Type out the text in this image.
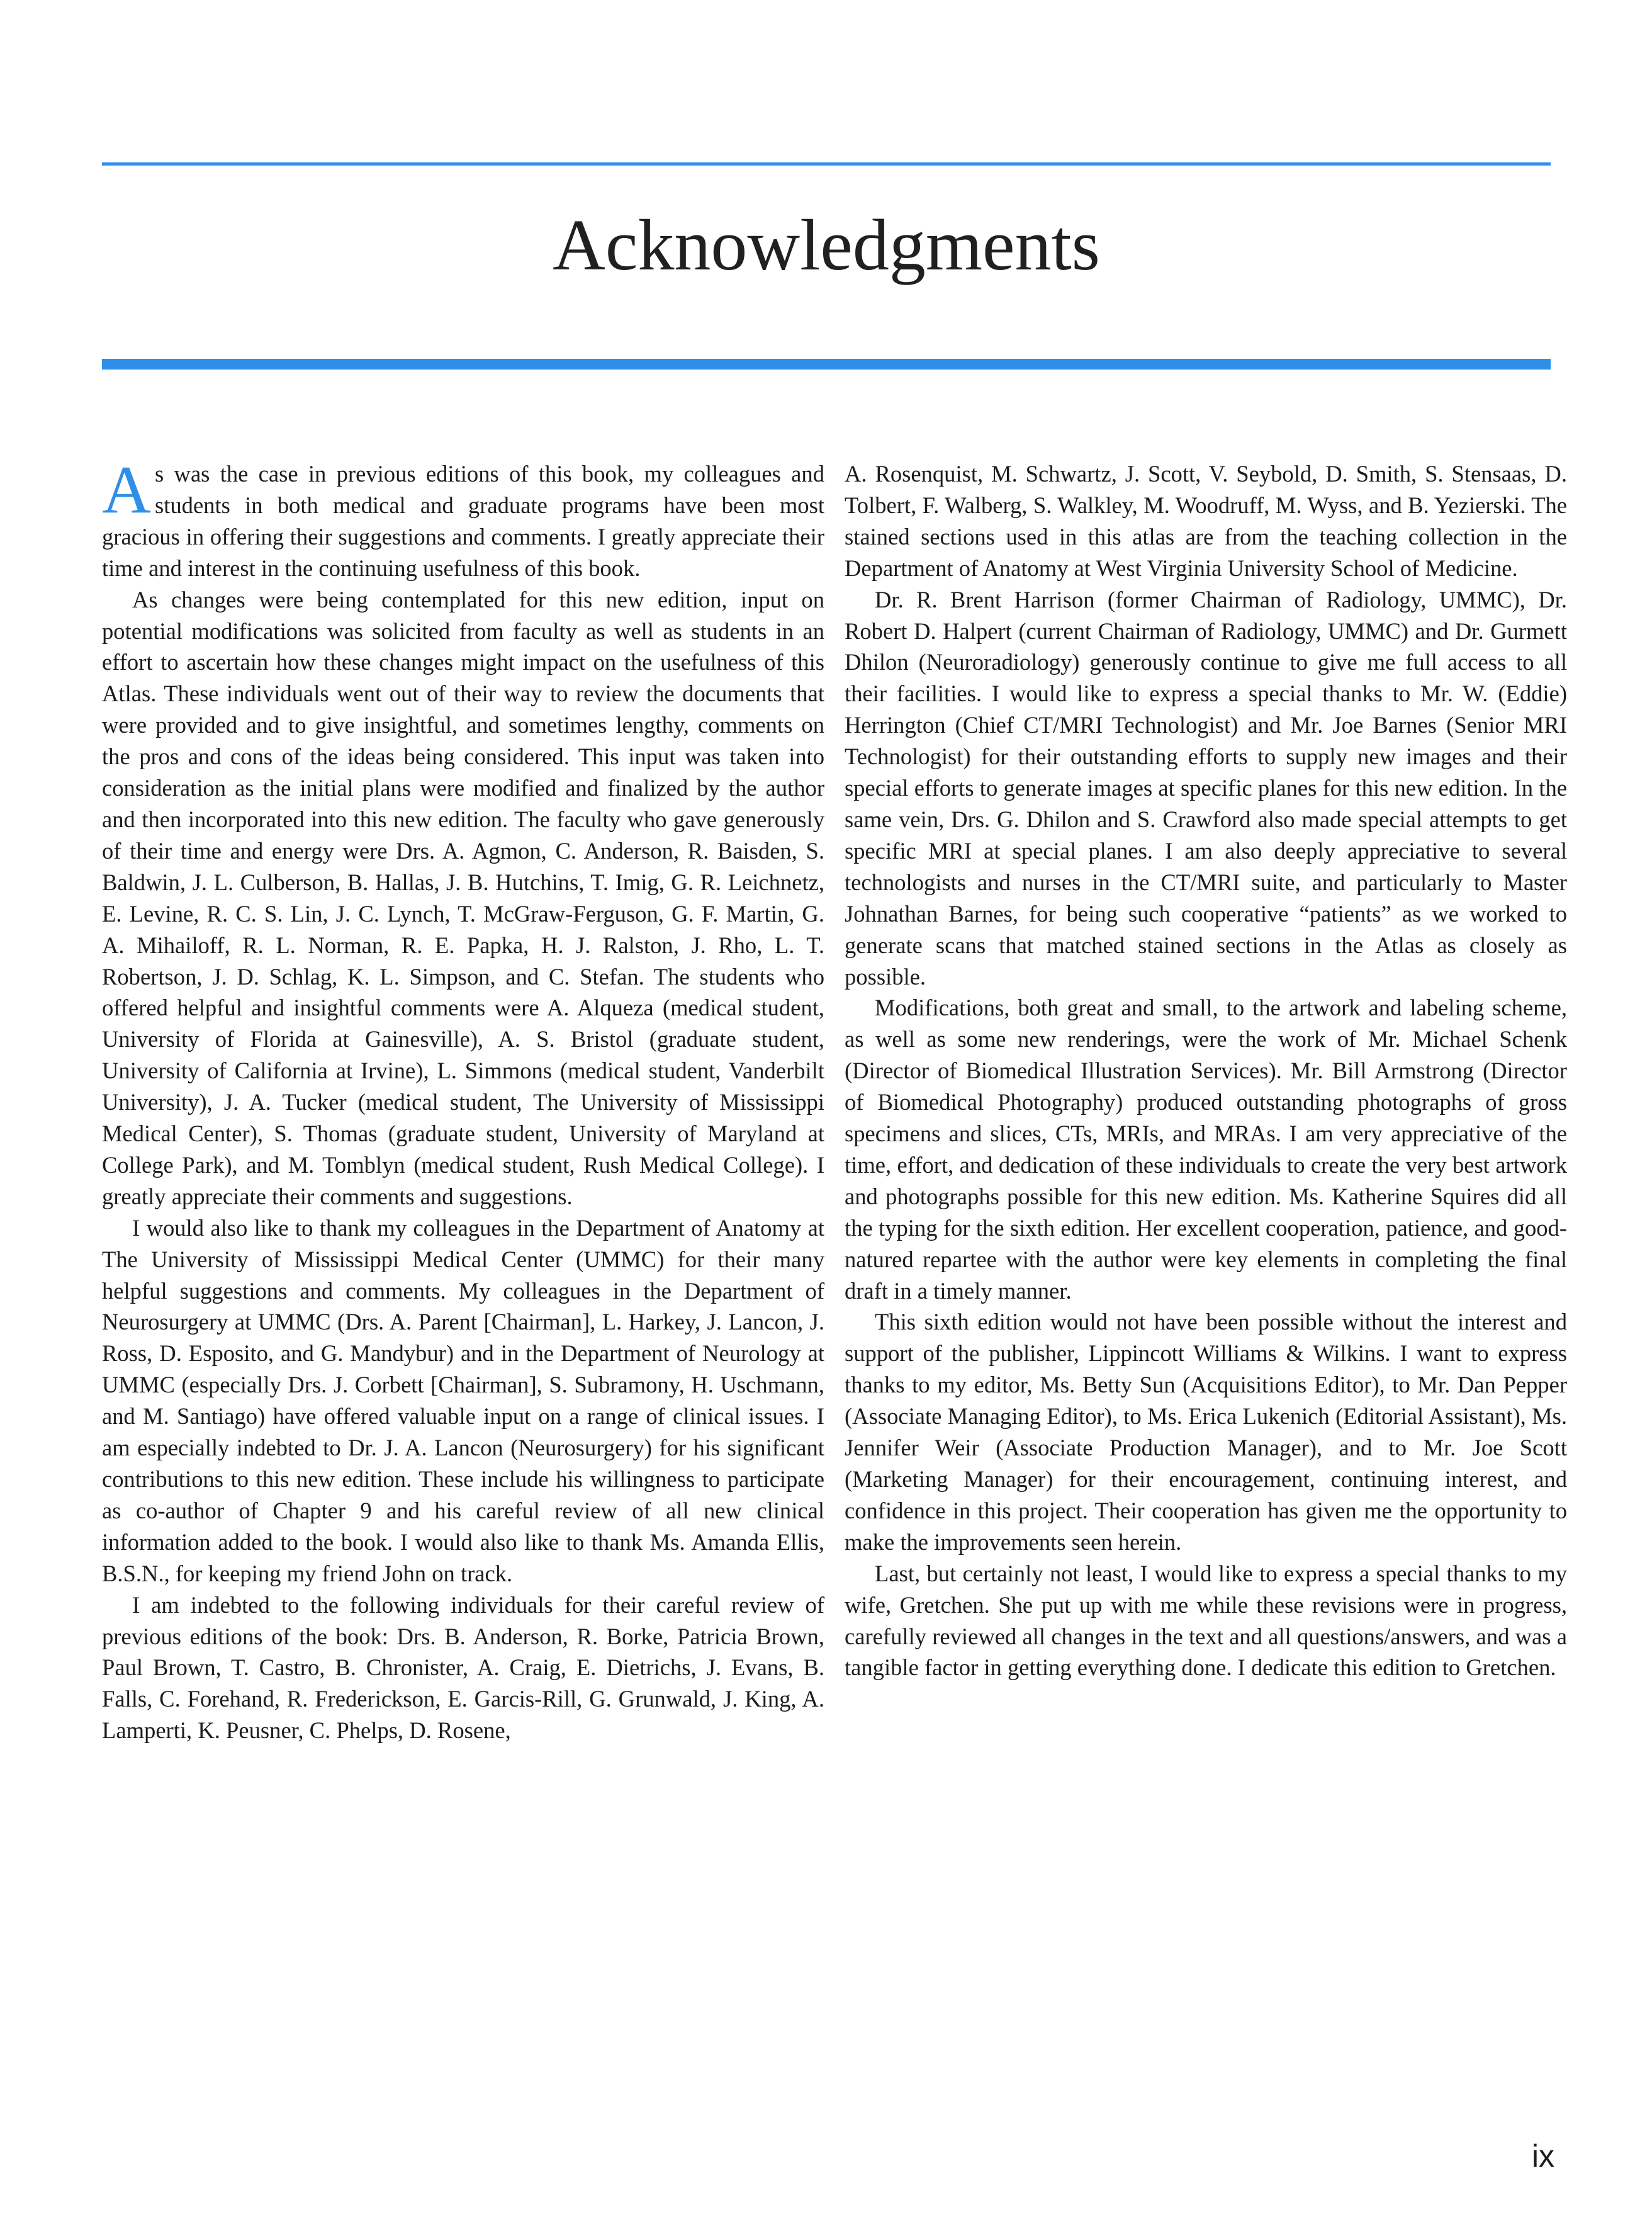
Acknowledgments

As was the case in previous editions of this book, my colleagues and students in both medical and graduate programs have been most gracious in offering their suggestions and comments. I greatly appreciate their time and interest in the continuing usefulness of this book.

As changes were being contemplated for this new edition, input on potential modifications was solicited from faculty as well as students in an effort to ascertain how these changes might impact on the usefulness of this Atlas. These individuals went out of their way to review the documents that were provided and to give insightful, and sometimes lengthy, comments on the pros and cons of the ideas being considered. This input was taken into consideration as the initial plans were modified and finalized by the author and then incorporated into this new edition. The faculty who gave generously of their time and energy were Drs. A. Agmon, C. Anderson, R. Baisden, S. Baldwin, J. L. Culberson, B. Hallas, J. B. Hutchins, T. Imig, G. R. Leichnetz, E. Levine, R. C. S. Lin, J. C. Lynch, T. McGraw-Ferguson, G. F. Martin, G. A. Mihailoff, R. L. Norman, R. E. Papka, H. J. Ralston, J. Rho, L. T. Robertson, J. D. Schlag, K. L. Simpson, and C. Stefan. The students who offered helpful and insightful comments were A. Alqueza (medical student, University of Florida at Gainesville), A. S. Bristol (graduate student, University of California at Irvine), L. Simmons (medical student, Vanderbilt University), J. A. Tucker (medical student, The University of Mississippi Medical Center), S. Thomas (graduate student, University of Maryland at College Park), and M. Tomblyn (medical student, Rush Medical College). I greatly appreciate their comments and suggestions.

I would also like to thank my colleagues in the Department of Anatomy at The University of Mississippi Medical Center (UMMC) for their many helpful suggestions and comments. My colleagues in the Department of Neurosurgery at UMMC (Drs. A. Parent [Chairman], L. Harkey, J. Lancon, J. Ross, D. Esposito, and G. Mandybur) and in the Department of Neurology at UMMC (especially Drs. J. Corbett [Chairman], S. Subramony, H. Uschmann, and M. Santiago) have offered valuable input on a range of clinical issues. I am especially indebted to Dr. J. A. Lancon (Neurosurgery) for his significant contributions to this new edition. These include his willingness to participate as co-author of Chapter 9 and his careful review of all new clinical information added to the book. I would also like to thank Ms. Amanda Ellis, B.S.N., for keeping my friend John on track.

I am indebted to the following individuals for their careful review of previous editions of the book: Drs. B. Anderson, R. Borke, Patricia Brown, Paul Brown, T. Castro, B. Chronister, A. Craig, E. Dietrichs, J. Evans, B. Falls, C. Forehand, R. Frederickson, E. Garcis-Rill, G. Grunwald, J. King, A. Lamperti, K. Peusner, C. Phelps, D. Rosene,

A. Rosenquist, M. Schwartz, J. Scott, V. Seybold, D. Smith, S. Stensaas, D. Tolbert, F. Walberg, S. Walkley, M. Woodruff, M. Wyss, and B. Yezierski. The stained sections used in this atlas are from the teaching collection in the Department of Anatomy at West Virginia University School of Medicine.

Dr. R. Brent Harrison (former Chairman of Radiology, UMMC), Dr. Robert D. Halpert (current Chairman of Radiology, UMMC) and Dr. Gurmett Dhilon (Neuroradiology) generously continue to give me full access to all their facilities. I would like to express a special thanks to Mr. W. (Eddie) Herrington (Chief CT/MRI Technologist) and Mr. Joe Barnes (Senior MRI Technologist) for their outstanding efforts to supply new images and their special efforts to generate images at specific planes for this new edition. In the same vein, Drs. G. Dhilon and S. Crawford also made special attempts to get specific MRI at special planes. I am also deeply appreciative to several technologists and nurses in the CT/MRI suite, and particularly to Master Johnathan Barnes, for being such cooperative “patients” as we worked to generate scans that matched stained sections in the Atlas as closely as possible.

Modifications, both great and small, to the artwork and labeling scheme, as well as some new renderings, were the work of Mr. Michael Schenk (Director of Biomedical Illustration Services). Mr. Bill Armstrong (Director of Biomedical Photography) produced outstanding photographs of gross specimens and slices, CTs, MRIs, and MRAs. I am very appreciative of the time, effort, and dedication of these individuals to create the very best artwork and photographs possible for this new edition. Ms. Katherine Squires did all the typing for the sixth edition. Her excellent cooperation, patience, and good-natured repartee with the author were key elements in completing the final draft in a timely manner.

This sixth edition would not have been possible without the interest and support of the publisher, Lippincott Williams & Wilkins. I want to express thanks to my editor, Ms. Betty Sun (Acquisitions Editor), to Mr. Dan Pepper (Associate Managing Editor), to Ms. Erica Lukenich (Editorial Assistant), Ms. Jennifer Weir (Associate Production Manager), and to Mr. Joe Scott (Marketing Manager) for their encouragement, continuing interest, and confidence in this project. Their cooperation has given me the opportunity to make the improvements seen herein.

Last, but certainly not least, I would like to express a special thanks to my wife, Gretchen. She put up with me while these revisions were in progress, carefully reviewed all changes in the text and all questions/answers, and was a tangible factor in getting everything done. I dedicate this edition to Gretchen.

ix
